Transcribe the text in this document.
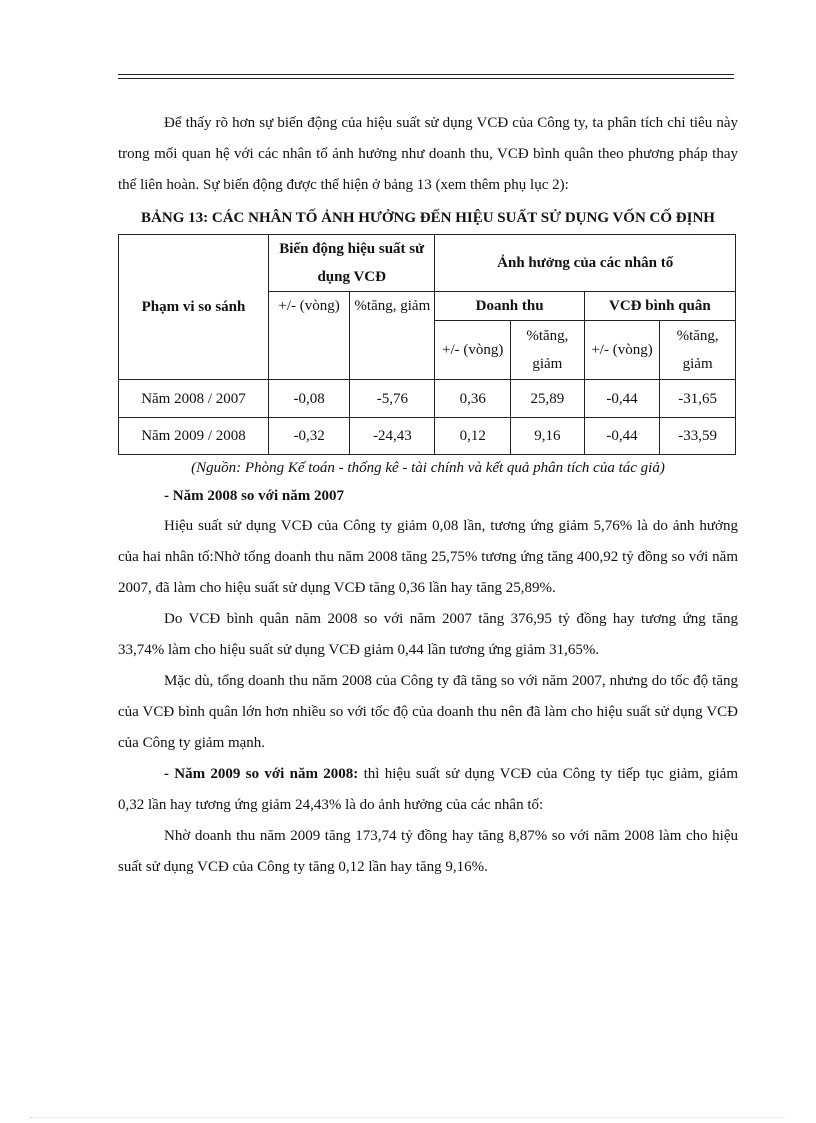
Để thấy rõ hơn sự biến động của hiệu suất sử dụng VCĐ của Công ty, ta phân tích chỉ tiêu này trong mối quan hệ với các nhân tố ảnh hưởng như doanh thu, VCĐ bình quân theo phương pháp thay thế liên hoàn. Sự biến động được thể hiện ở bảng 13 (xem thêm phụ lục 2):

BẢNG 13: CÁC NHÂN TỐ ẢNH HƯỞNG ĐẾN HIỆU SUẤT SỬ DỤNG VỐN CỐ ĐỊNH
Phạm vi so sánh	Biến động hiệu suất sử dụng VCĐ		Ảnh hưởng của các nhân tố			
	+/- (vòng)	%tăng, giảm	Doanh thu		VCĐ bình quân	
			+/- (vòng)	%tăng, giảm	+/- (vòng)	%tăng, giảm
Năm 2008 / 2007	-0,08	-5,76	0,36	25,89	-0,44	-31,65
Năm 2009 / 2008	-0,32	-24,43	0,12	9,16	-0,44	-33,59
(Nguồn: Phòng Kế toán - thống kê - tài chính và kết quả phân tích của tác giả)
- Năm 2008 so với năm 2007

Hiệu suất sử dụng VCĐ của Công ty giảm 0,08 lần, tương ứng giảm 5,76% là do ảnh hưởng của hai nhân tố:Nhờ tổng doanh thu năm 2008 tăng 25,75% tương ứng tăng 400,92 tỷ đồng so với năm 2007, đã làm cho hiệu suất sử dụng VCĐ tăng 0,36 lần hay tăng 25,89%.

Do VCĐ bình quân năm 2008 so với năm 2007 tăng 376,95 tỷ đồng hay tương ứng tăng 33,74% làm cho hiệu suất sử dụng VCĐ giảm 0,44 lần tương ứng giảm 31,65%.

Mặc dù, tổng doanh thu năm 2008 của Công ty đã tăng so với năm 2007, nhưng do tốc độ tăng của VCĐ bình quân lớn hơn nhiều so với tốc độ của doanh thu nên đã làm cho hiệu suất sử dụng VCĐ của Công ty giảm mạnh.

- Năm 2009 so với năm 2008: thì hiệu suất sử dụng VCĐ của Công ty tiếp tục giảm, giảm 0,32 lần hay tương ứng giảm 24,43% là do ảnh hưởng của các nhân tố:

Nhờ doanh thu năm 2009 tăng 173,74 tỷ đồng hay tăng 8,87% so với năm 2008 làm cho hiệu suất sử dụng VCĐ của Công ty tăng 0,12 lần hay tăng 9,16%.
